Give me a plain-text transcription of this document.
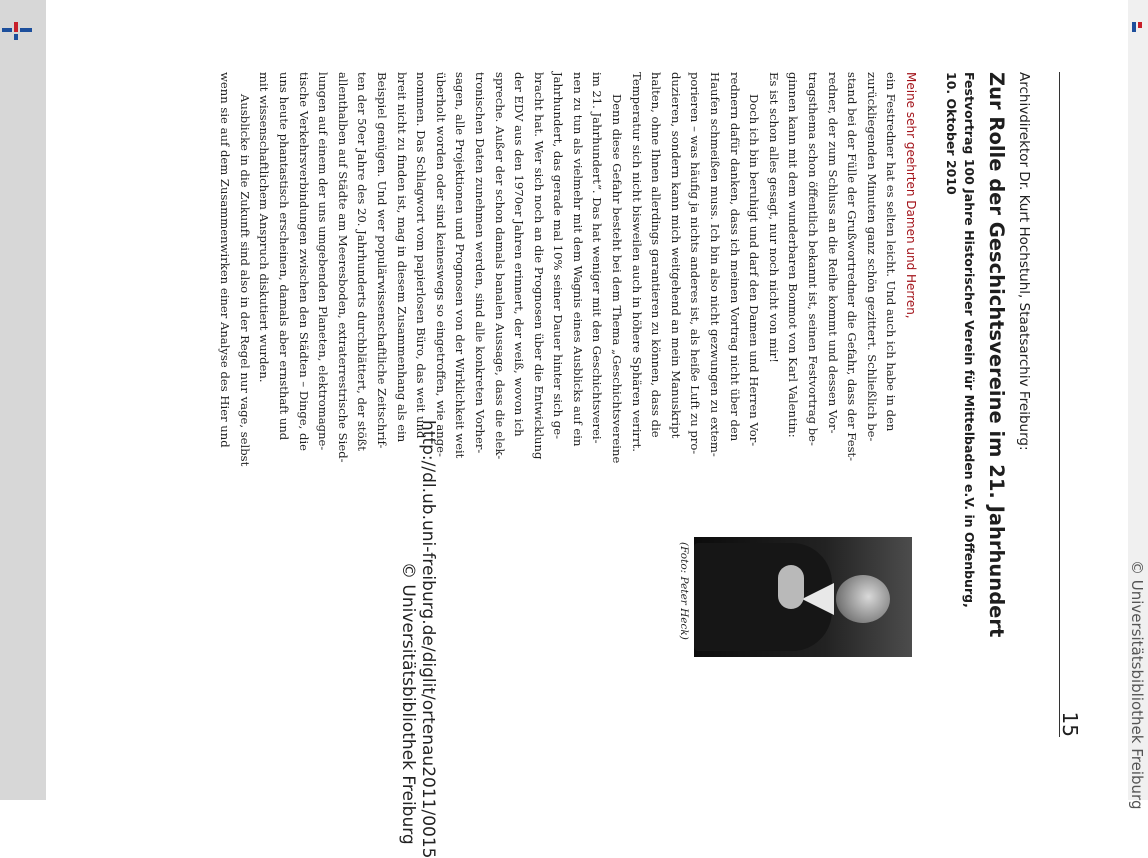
© Universitätsbibliothek Freiburg
http://dl.ub.uni-freiburg.de/diglit/ortenau2011/0015
© Universitätsbibliothek Freiburg	15
Archivdirektor Dr. Kurt Hochstuhl, Staatsarchiv Freiburg:
Zur Rolle der Geschichtsvereine im 21. Jahrhundert
Festvortrag 100 Jahre Historischer Verein für Mittelbaden e.V. in Offenburg,
10. Oktober 2010
(Foto: Peter Heck)
Meine sehr geehrten Damen und Herren,
ein Festredner hat es selten leicht. Und auch ich habe in den
zurückliegenden Minuten ganz schön gezittert. Schließlich be-
stand bei der Fülle der Grußwortredner die Gefahr, dass der Fest-
redner, der zum Schluss an die Reihe kommt und dessen Vor-
tragsthema schon öffentlich bekannt ist, seinen Festvortrag be-
ginnen kann mit dem wunderbaren Bonmot von Karl Valentin:
Es ist schon alles gesagt, nur noch nicht von mir!
Doch ich bin beruhigt und darf den Damen und Herren Vor-
rednern dafür danken, dass ich meinen Vortrag nicht über den
Haufen schmeißen muss. Ich bin also nicht gezwungen zu extem-
porieren – was häufig ja nichts anderes ist, als heiße Luft zu pro-
duzieren, sondern kann mich weitgehend an mein Manuskript
halten, ohne Ihnen allerdings garantieren zu können, dass die
Temperatur sich nicht bisweilen auch in höhere Sphären verirrt.
Denn diese Gefahr besteht bei dem Thema „Geschichtsvereine
im 21. Jahrhundert“. Das hat weniger mit den Geschichtsverei-
nen zu tun als vielmehr mit dem Wagnis eines Ausblicks auf ein
Jahrhundert, das gerade mal 10% seiner Dauer hinter sich ge-
bracht hat. Wer sich noch an die Prognosen über die Entwicklung
der EDV aus den 1970er Jahren erinnert, der weiß, wovon ich
spreche. Außer der schon damals banalen Aussage, dass die elek-
tronischen Daten zunehmen werden, sind alle konkreten Vorher-
sagen, alle Projektionen und Prognosen von der Wirklichkeit weit
überholt worden oder sind keineswegs so eingetroffen, wie ange-
nommen. Das Schlagwort vom papierlosen Büro, das weit und
breit nicht zu finden ist, mag in diesem Zusammenhang als ein
Beispiel genügen. Und wer populärwissenschaftliche Zeitschrif-
ten der 50er Jahre des 20. Jahrhunderts durchblättert, der stößt
allenthalben auf Städte am Meeresboden, extraterrestrische Sied-
lungen auf einem der uns umgebenden Planeten, elektromagne-
tische Verkehrsverbindungen zwischen den Städten – Dinge, die
uns heute phantastisch erscheinen, damals aber ernsthaft und
mit wissenschaftlichem Anspruch diskutiert wurden.
Ausblicke in die Zukunft sind also in der Regel nur vage, selbst
wenn sie auf dem Zusammenwirken einer Analyse des Hier und
